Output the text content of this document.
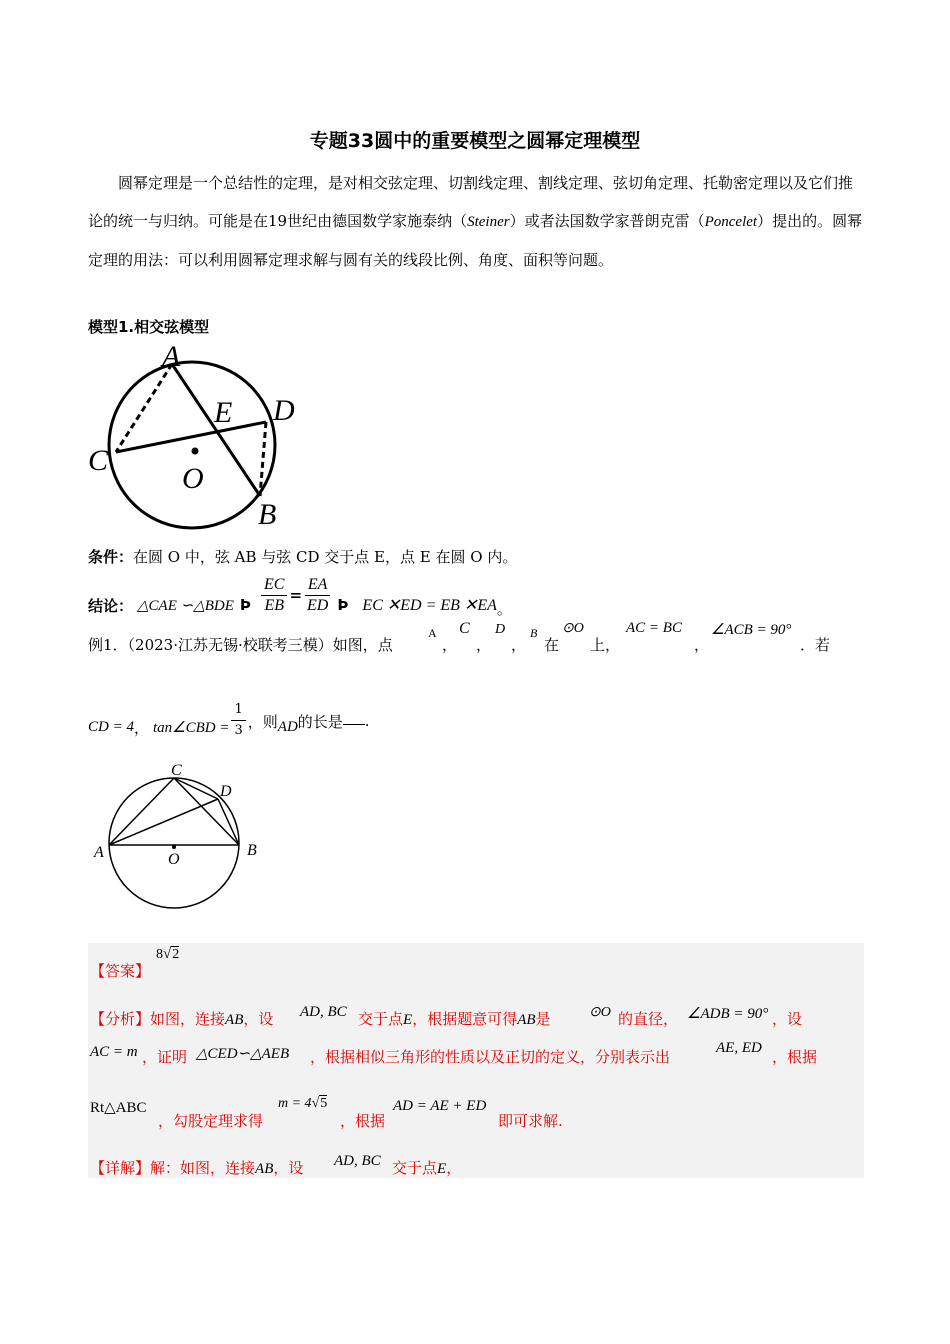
专题33圆中的重要模型之圆幂定理模型
圆幂定理是一个总结性的定理，是对相交弦定理、切割线定理、割线定理、弦切角定理、托勒密定理以及它们推论的统一与归纳。可能是在19世纪由德国数学家施泰纳（Steiner）或者法国数学家普朗克雷（Poncelet）提出的。圆幂定理的用法：可以利用圆幂定理求解与圆有关的线段比例、角度、面积等问题。
模型1.相交弦模型
A
E D
C
O
B
条件：在圆 O 中，弦 AB 与弦 CD 交于点 E，点 E 在圆 O 内。
结论： △CAE ∽△BDE Þ $\frac{EC}{EB} = \frac{EA}{ED}$ Þ EC ✕ED = EB ✕EA 。
例1．（2023·江苏无锡·校联考三模）如图，点
A
，
C
，
D
，
B
在
⊙O
上，
AC = BC
，
∠ACB = 90°
．若
CD = 4 ， tan∠CBD = $\frac{1}{3}$ ，则 AD 的长是 .
C
D
A	B
O
【答案】
8√2
【分析】如图，连接AB，设 AD, BC 交于点E，根据题意可得AB是	⊙O 的直径， ∠ADB = 90° ，设
AC = m ，证明 △CED∽△AEB ，根据相似三角形的性质以及正切的定义，分别表示出	AE, ED ，根据
Rt△ABC
，勾股定理求得
m = 4√5
，根据
AD = AE + ED
即可求解.
【详解】解：如图，连接AB，设 AD, BC 交于点E，
